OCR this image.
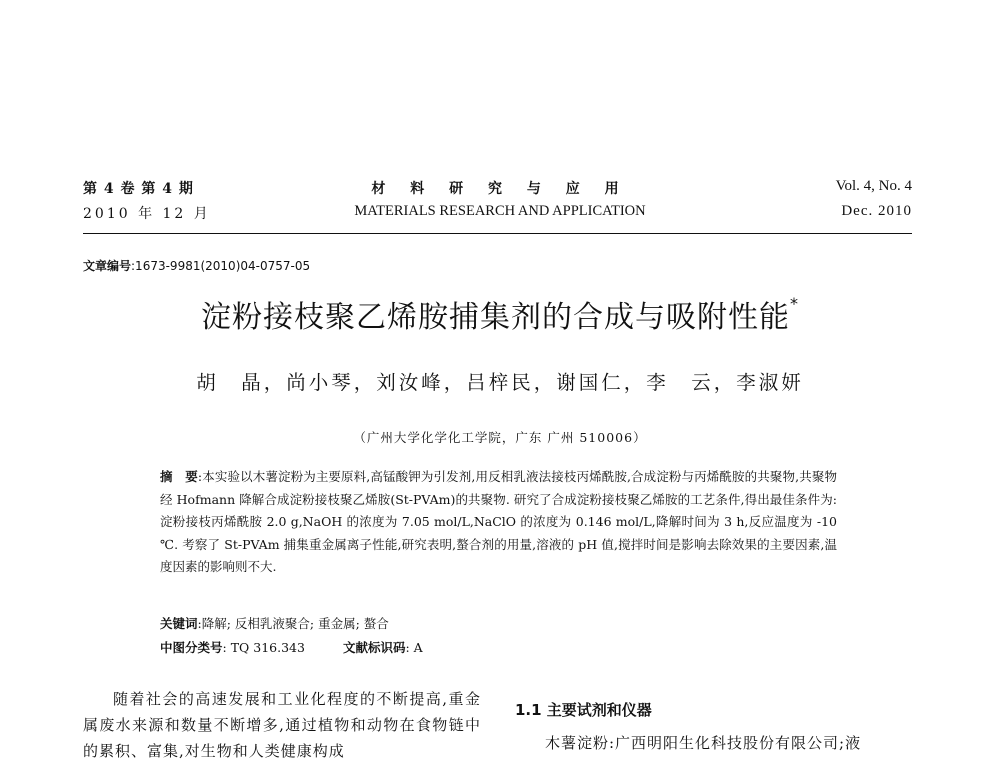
第 4 卷 第 4 期
2010 年 12 月
材 料 研 究 与 应 用
MATERIALS RESEARCH AND APPLICATION
Vol. 4, No. 4
Dec. 2010
文章编号:1673-9981(2010)04-0757-05
淀粉接枝聚乙烯胺捕集剂的合成与吸附性能*
胡　晶，尚小琴，刘汝峰，吕梓民，谢国仁，李　云，李淑妍
（广州大学化学化工学院，广东 广州 510006）
摘　要:本实验以木薯淀粉为主要原料,高锰酸钾为引发剂,用反相乳液法接枝丙烯酰胺,合成淀粉与丙烯酰胺的共聚物,共聚物经 Hofmann 降解合成淀粉接枝聚乙烯胺(St-PVAm)的共聚物. 研究了合成淀粉接枝聚乙烯胺的工艺条件,得出最佳条件为:淀粉接枝丙烯酰胺 2.0 g,NaOH 的浓度为 7.05 mol/L,NaClO 的浓度为 0.146 mol/L,降解时间为 3 h,反应温度为 -10 ℃. 考察了 St-PVAm 捕集重金属离子性能,研究表明,螯合剂的用量,溶液的 pH 值,搅拌时间是影响去除效果的主要因素,温度因素的影响则不大.
关键词:降解; 反相乳液聚合; 重金属; 螯合
中图分类号: TQ 316.343	文献标识码: A

随着社会的高速发展和工业化程度的不断提高,重金属废水来源和数量不断增多,通过植物和动物在食物链中的累积、富集,对生物和人类健康构成

1.1 主要试剂和仪器

木薯淀粉:广西明阳生化科技股份有限公司;液
